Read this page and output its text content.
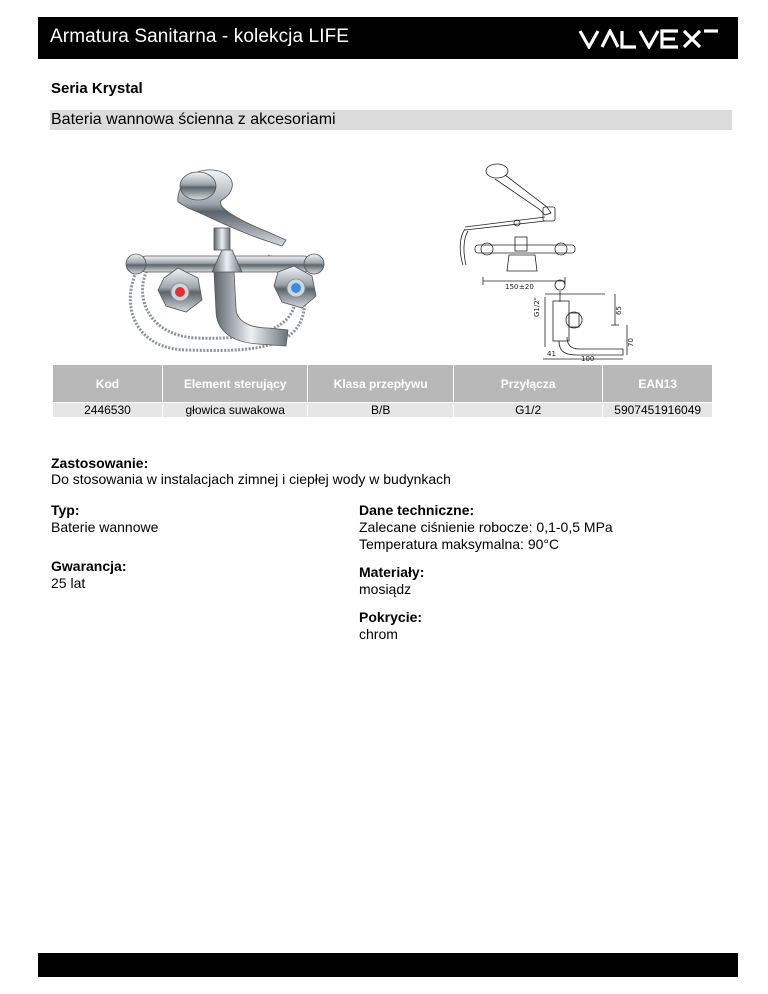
Armatura Sanitarna - kolekcja LIFE
Seria Krystal
Bateria wannowa ścienna z akcesoriami
150 ±20
G1/2"	65
70
41
100
Kod	Element sterujący	Klasa przepływu	Przyłącza	EAN13
2446530	głowica suwakowa	B/B	G1/2	5907451916049
Zastosowanie:
Do stosowania w instalacjach zimnej i ciepłej wody w budynkach
Typ:
Baterie wannowe
Gwarancja:
25 lat
Dane techniczne:
Zalecane ciśnienie robocze: 0,1-0,5 MPa
Temperatura maksymalna: 90°C
Materiały:
mosiądz
Pokrycie:
chrom
